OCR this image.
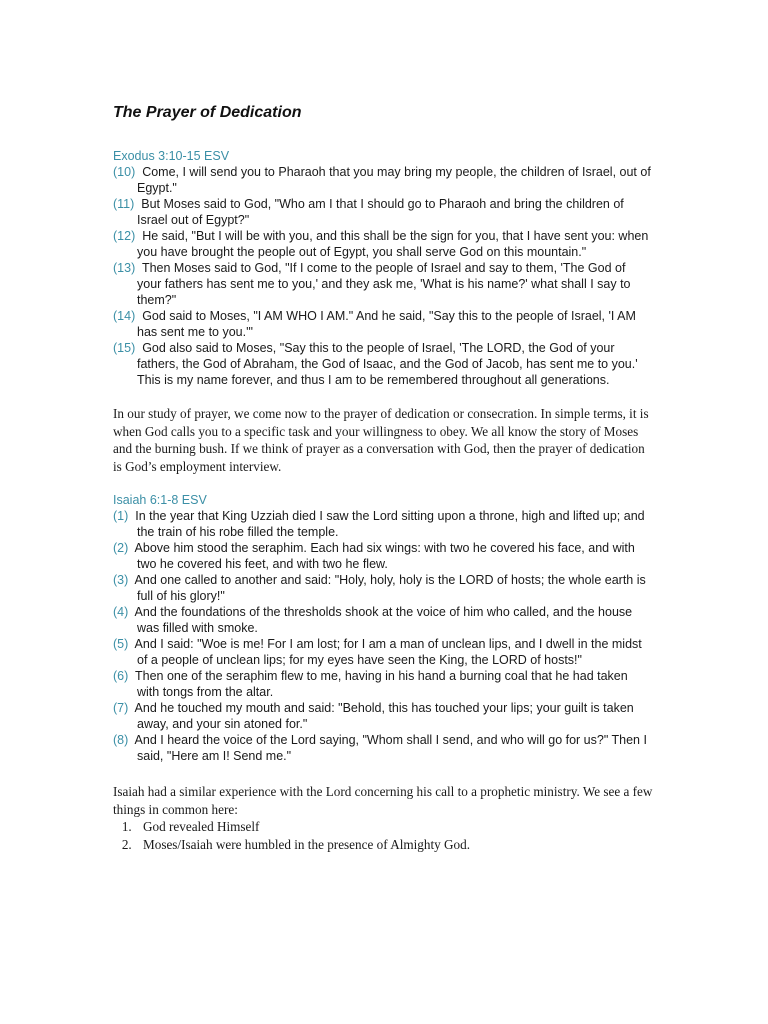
The Prayer of Dedication
Exodus 3:10-15 ESV
(10) Come, I will send you to Pharaoh that you may bring my people, the children of Israel, out of Egypt."
(11) But Moses said to God, "Who am I that I should go to Pharaoh and bring the children of Israel out of Egypt?"
(12) He said, "But I will be with you, and this shall be the sign for you, that I have sent you: when you have brought the people out of Egypt, you shall serve God on this mountain."
(13) Then Moses said to God, "If I come to the people of Israel and say to them, 'The God of your fathers has sent me to you,' and they ask me, 'What is his name?' what shall I say to them?"
(14) God said to Moses, "I AM WHO I AM." And he said, "Say this to the people of Israel, 'I AM has sent me to you.'"
(15) God also said to Moses, "Say this to the people of Israel, 'The LORD, the God of your fathers, the God of Abraham, the God of Isaac, and the God of Jacob, has sent me to you.' This is my name forever, and thus I am to be remembered throughout all generations.

In our study of prayer, we come now to the prayer of dedication or consecration. In simple terms, it is when God calls you to a specific task and your willingness to obey. We all know the story of Moses and the burning bush. If we think of prayer as a conversation with God, then the prayer of dedication is God’s employment interview.

Isaiah 6:1-8 ESV
(1) In the year that King Uzziah died I saw the Lord sitting upon a throne, high and lifted up; and the train of his robe filled the temple.
(2) Above him stood the seraphim. Each had six wings: with two he covered his face, and with two he covered his feet, and with two he flew.
(3) And one called to another and said: "Holy, holy, holy is the LORD of hosts; the whole earth is full of his glory!"
(4) And the foundations of the thresholds shook at the voice of him who called, and the house was filled with smoke.
(5) And I said: "Woe is me! For I am lost; for I am a man of unclean lips, and I dwell in the midst of a people of unclean lips; for my eyes have seen the King, the LORD of hosts!"
(6) Then one of the seraphim flew to me, having in his hand a burning coal that he had taken with tongs from the altar.
(7) And he touched my mouth and said: "Behold, this has touched your lips; your guilt is taken away, and your sin atoned for."
(8) And I heard the voice of the Lord saying, "Whom shall I send, and who will go for us?" Then I said, "Here am I! Send me."

Isaiah had a similar experience with the Lord concerning his call to a prophetic ministry. We see a few things in common here:

1. God revealed Himself
2. Moses/Isaiah were humbled in the presence of Almighty God.
